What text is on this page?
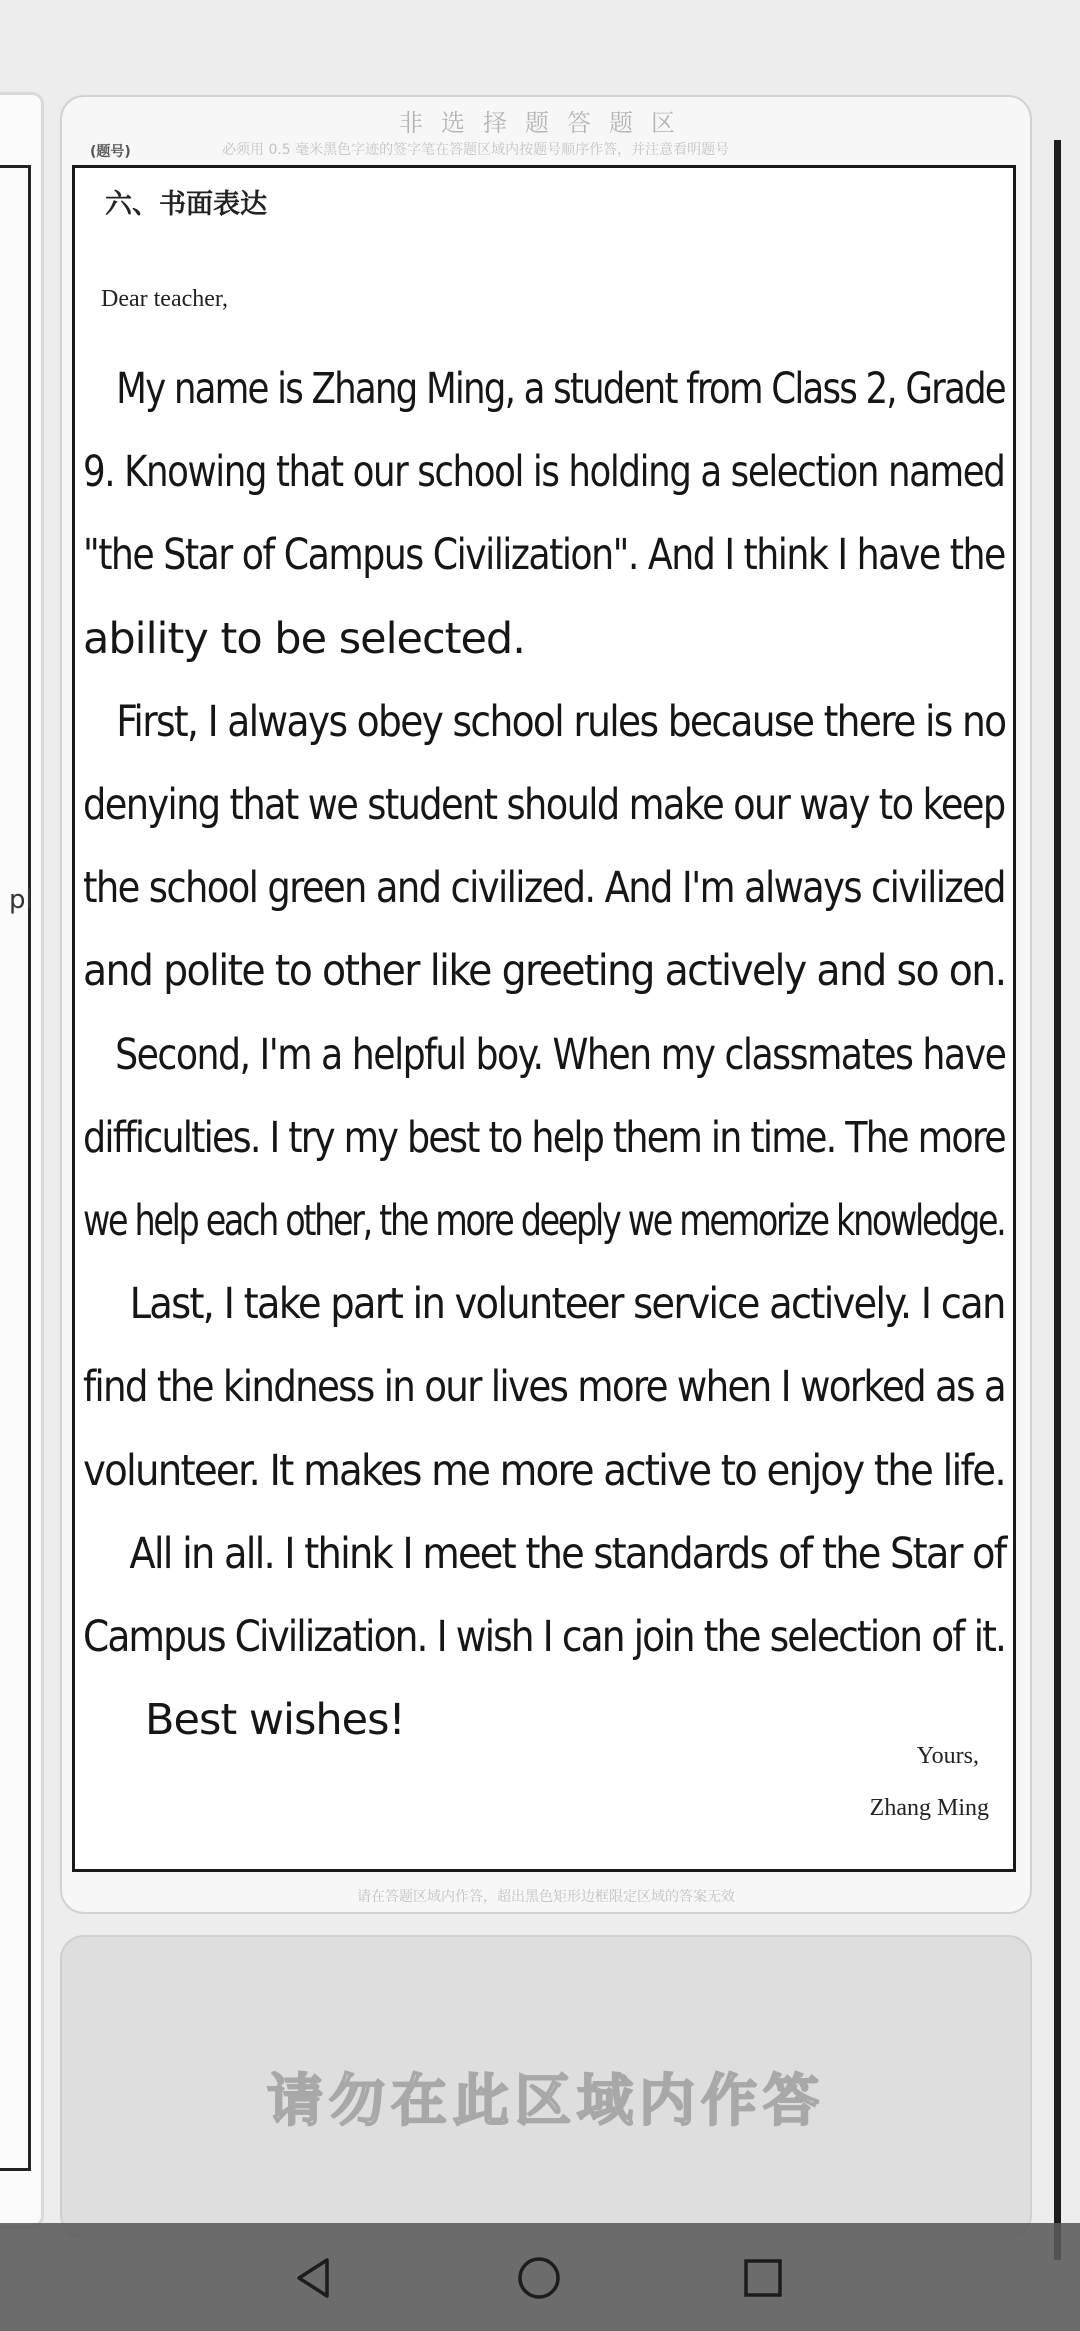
pl
非选择题答题区
(题号)	必须用 0.5 毫米黑色字迹的签字笔在答题区域内按题号顺序作答，并注意看明题号
六、书面表达
Dear teacher,
My name is Zhang Ming, a student from Class 2, Grade
9. Knowing that our school is holding a selection named
"the Star of Campus Civilization". And I think I have the
ability to be selected.
First, I always obey school rules because there is no
denying that we student should make our way to keep
the school green and civilized. And I'm always civilized
and polite to other like greeting actively and so on.
Second, I'm a helpful boy. When my classmates have
difficulties. I try my best to help them in time. The more
we help each other, the more deeply we memorize knowledge.
Last, I take part in volunteer service actively. I can
find the kindness in our lives more when I worked as a
volunteer. It makes me more active to enjoy the life.
All in all. I think I meet the standards of the Star of
Campus Civilization. I wish I can join the selection of it.
Best wishes!
Yours,
Zhang Ming
请在答题区域内作答，超出黑色矩形边框限定区域的答案无效
请勿在此区域内作答
